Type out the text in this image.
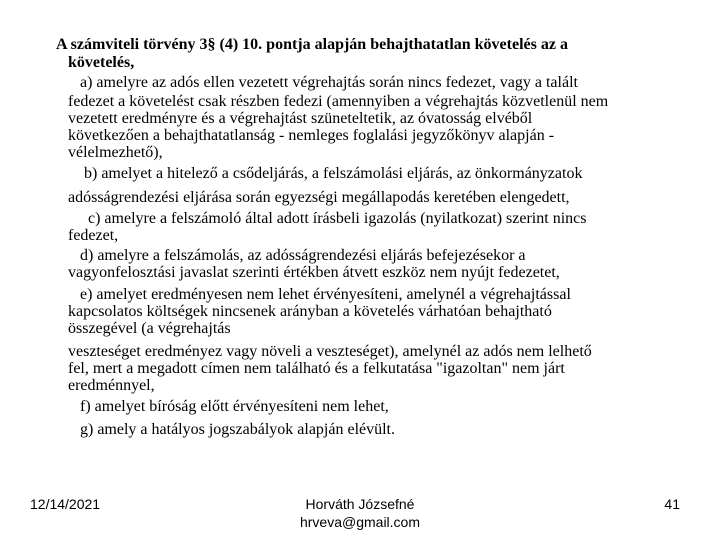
A számviteli törvény 3§ (4) 10. pontja alapján behajthatatlan követelés az a
követelés,
a) amelyre az adós ellen vezetett végrehajtás során nincs fedezet, vagy a talált
fedezet a követelést csak részben fedezi (amennyiben a végrehajtás közvetlenül nem
vezetett eredményre és a végrehajtást szüneteltetik, az óvatosság elvéből
következően a behajthatatlanság - nemleges foglalási jegyzőkönyv alapján -
vélelmezhető),
b) amelyet a hitelező a csődeljárás, a felszámolási eljárás, az önkormányzatok
adósságrendezési eljárása során egyezségi megállapodás keretében elengedett,
c) amelyre a felszámoló által adott írásbeli igazolás (nyilatkozat) szerint nincs
fedezet,
d) amelyre a felszámolás, az adósságrendezési eljárás befejezésekor a
vagyonfelosztási javaslat szerinti értékben átvett eszköz nem nyújt fedezetet,
e) amelyet eredményesen nem lehet érvényesíteni, amelynél a végrehajtással
kapcsolatos költségek nincsenek arányban a követelés várhatóan behajtható
összegével (a végrehajtás
veszteséget eredményez vagy növeli a veszteséget), amelynél az adós nem lelhető
fel, mert a megadott címen nem található és a felkutatása "igazoltan" nem járt
eredménnyel,
f) amelyet bíróság előtt érvényesíteni nem lehet,
g) amely a hatályos jogszabályok alapján elévült.
12/14/2021	Horváth Józsefné
hrveva@gmail.com
41
